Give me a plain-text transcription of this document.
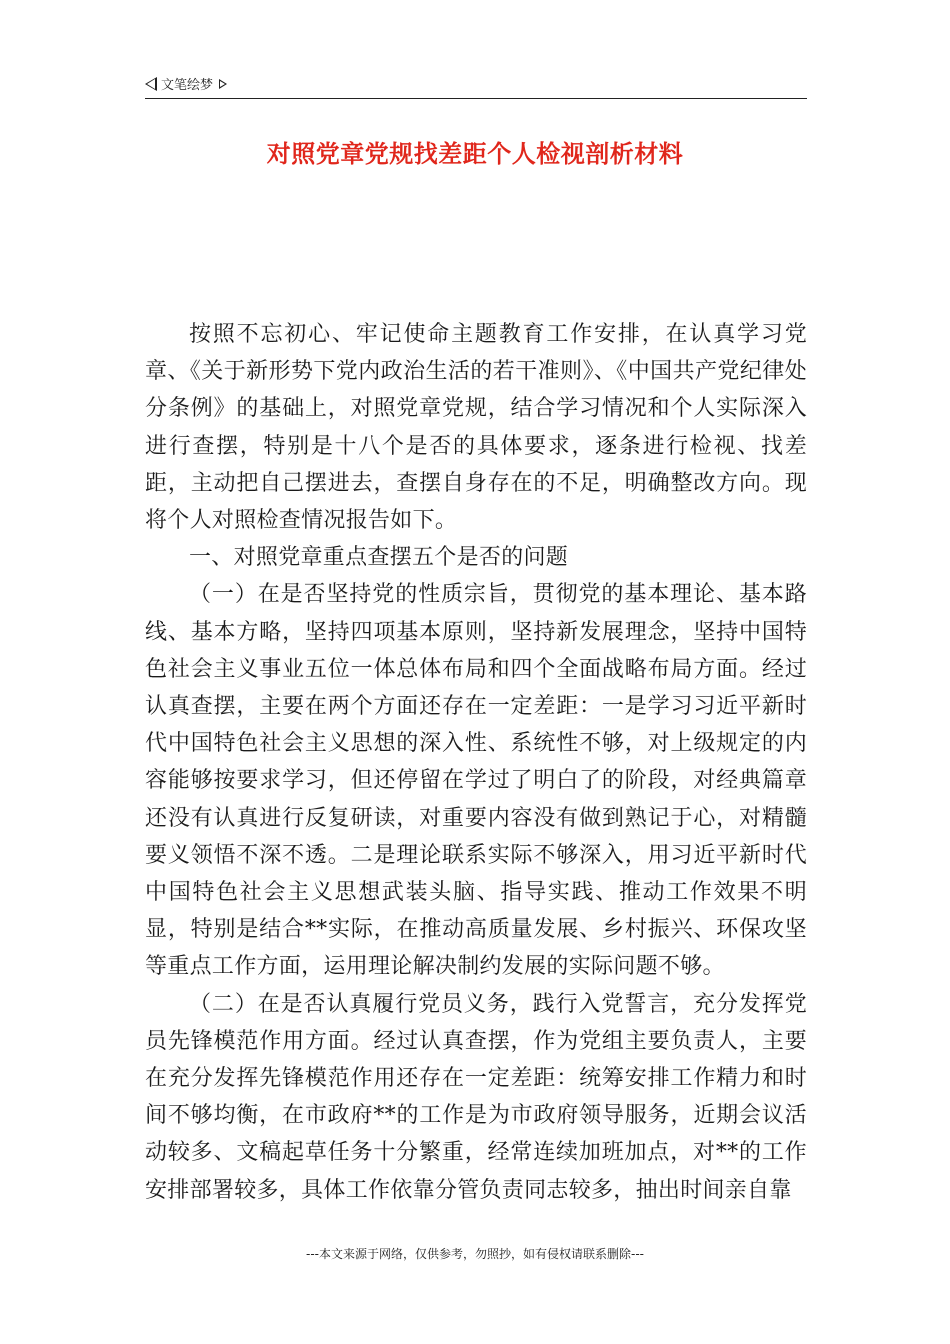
文笔绘梦
对照党章党规找差距个人检视剖析材料

按照不忘初心、牢记使命主题教育工作安排，在认真学习党章、《关于新形势下党内政治生活的若干准则》、《中国共产党纪律处分条例》的基础上，对照党章党规，结合学习情况和个人实际深入进行查摆，特别是十八个是否的具体要求，逐条进行检视、找差距，主动把自己摆进去，查摆自身存在的不足，明确整改方向。现将个人对照检查情况报告如下。

一、对照党章重点查摆五个是否的问题

（一）在是否坚持党的性质宗旨，贯彻党的基本理论、基本路线、基本方略，坚持四项基本原则，坚持新发展理念，坚持中国特色社会主义事业五位一体总体布局和四个全面战略布局方面。经过认真查摆，主要在两个方面还存在一定差距：一是学习习近平新时代中国特色社会主义思想的深入性、系统性不够，对上级规定的内容能够按要求学习，但还停留在学过了明白了的阶段，对经典篇章还没有认真进行反复研读，对重要内容没有做到熟记于心，对精髓要义领悟不深不透。二是理论联系实际不够深入，用习近平新时代中国特色社会主义思想武装头脑、指导实践、推动工作效果不明显，特别是结合**实际，在推动高质量发展、乡村振兴、环保攻坚等重点工作方面，运用理论解决制约发展的实际问题不够。

（二）在是否认真履行党员义务，践行入党誓言，充分发挥党员先锋模范作用方面。经过认真查摆，作为党组主要负责人，主要在充分发挥先锋模范作用还存在一定差距：统筹安排工作精力和时间不够均衡，在市政府**的工作是为市政府领导服务，近期会议活动较多、文稿起草任务十分繁重，经常连续加班加点，对**的工作安排部署较多，具体工作依靠分管负责同志较多，抽出时间亲自靠

---本文来源于网络，仅供参考，勿照抄，如有侵权请联系删除---
